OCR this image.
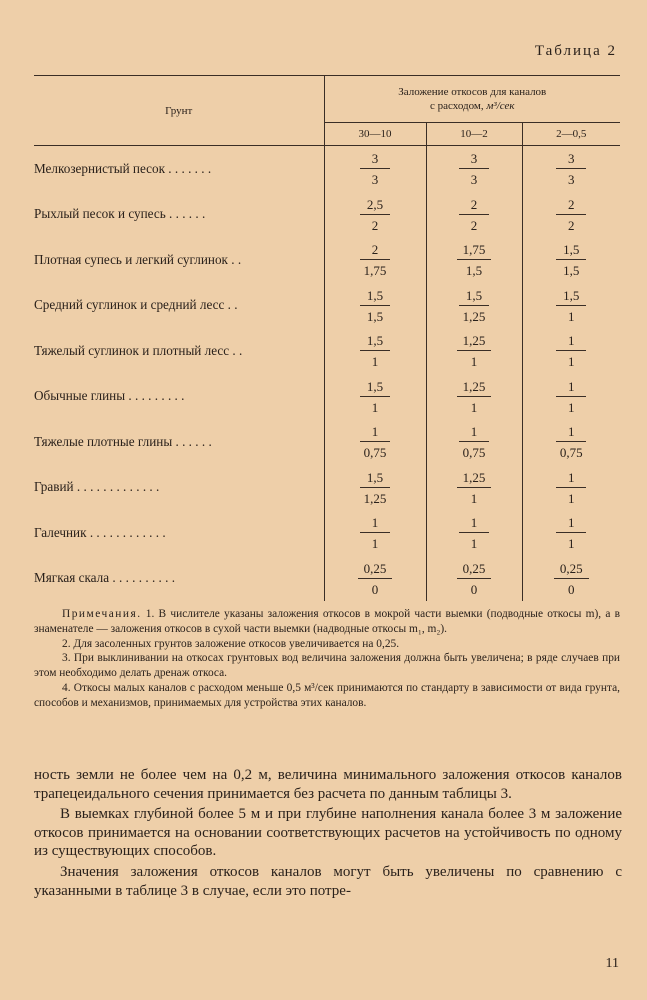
Таблица 2
Грунт	Заложение откосов для каналов
с расходом, м³/сек		
	30—10	10—2	2—0,5
Мелкозернистый песок . . . . . . .	$\frac{3}{3}$	$\frac{3}{3}$	$\frac{3}{3}$

Рыхлый песок и супесь . . . . . .	$\frac{2,5}{2}$	$\frac{2}{2}$	$\frac{2}{2}$

Плотная супесь и легкий суглинок . .	$\frac{2}{1,75}$	$\frac{1,75}{1,5}$	$\frac{1,5}{1,5}$

Средний суглинок и средний лесс . .	$\frac{1,5}{1,5}$	$\frac{1,5}{1,25}$	$\frac{1,5}{1}$

Тяжелый суглинок и плотный лесс . .	$\frac{1,5}{1}$	$\frac{1,25}{1}$	$\frac{1}{1}$

Обычные глины . . . . . . . . .	$\frac{1,5}{1}$	$\frac{1,25}{1}$	$\frac{1}{1}$

Тяжелые плотные глины . . . . . .	$\frac{1}{0,75}$	$\frac{1}{0,75}$	$\frac{1}{0,75}$

Гравий . . . . . . . . . . . . .	$\frac{1,5}{1,25}$	$\frac{1,25}{1}$	$\frac{1}{1}$

Галечник . . . . . . . . . . . .	$\frac{1}{1}$	$\frac{1}{1}$	$\frac{1}{1}$

Мягкая скала . . . . . . . . . .	$\frac{0,25}{0}$	$\frac{0,25}{0}$	$\frac{0,25}{0}$

Примечания. 1. В числителе указаны заложения откосов в мокрой части выемки (подводные откосы m), а в знаменателе — заложения откосов в сухой части выемки (надводные откосы m₁, m₂).

2. Для засоленных грунтов заложение откосов увеличивается на 0,25.

3. При выклинивании на откосах грунтовых вод величина заложения должна быть увеличена; в ряде случаев при этом необходимо делать дренаж откоса.

4. Откосы малых каналов с расходом меньше 0,5 м³/сек принимаются по стандарту в зависимости от вида грунта, способов и механизмов, принимаемых для устройства этих каналов.

ность земли не более чем на 0,2 м, величина минимального заложения откосов каналов трапецеидального сечения принимается без расчета по данным таблицы 3.

В выемках глубиной более 5 м и при глубине наполнения канала более 3 м заложение откосов принимается на основании соответствующих расчетов на устойчивость по одному из существующих способов.

Значения заложения откосов каналов могут быть увеличены по сравнению с указанными в таблице 3 в случае, если это потре-

11
